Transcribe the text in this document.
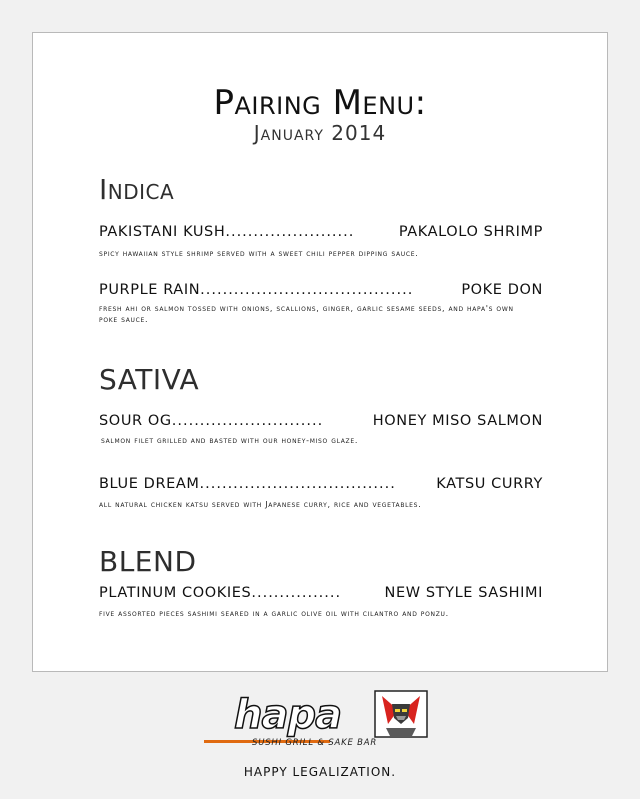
Pairing Menu:
January 2014
Indica
PAKISTANI KUSH .......................	PAKALOLO SHRIMP
spicy hawaiian style shrimp served with a sweet chili pepper dipping sauce.
PURPLE RAIN ......................................	POKE DON
fresh ahi or salmon tossed with onions, scallions, ginger, garlic sesame seeds, and hapa's own poke sauce.
SATIVA
SOUR OG ...........................	HONEY MISO SALMON
salmon filet grilled and basted with our honey-miso glaze.
BLUE DREAM ...................................	KATSU CURRY
all natural chicken katsu served with Japanese curry, rice and vegetables.
BLEND
PLATINUM COOKIES ................	NEW STYLE SASHIMI
five assorted pieces sashimi seared in a garlic olive oil with cilantro and ponzu.
hapa
SUSHI GRILL & SAKE BAR
HAPPY LEGALIZATION.
